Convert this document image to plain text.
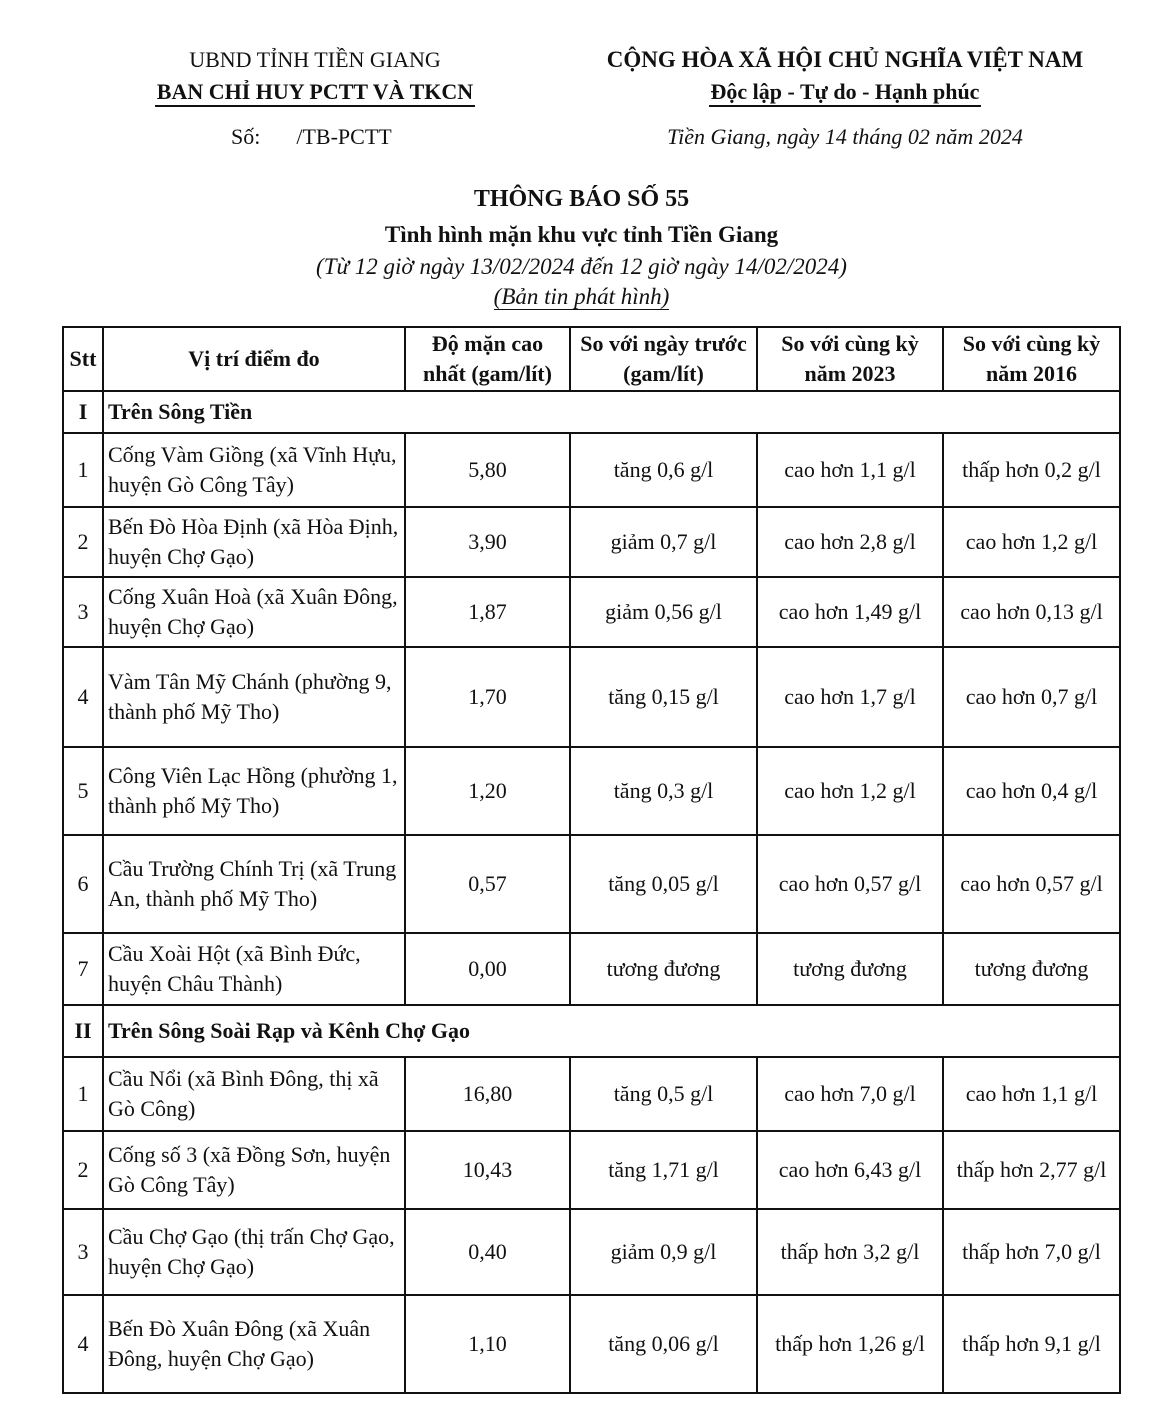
UBND TỈNH TIỀN GIANG
BAN CHỈ HUY PCTT VÀ TKCN
CỘNG HÒA XÃ HỘI CHỦ NGHĨA VIỆT NAM
Độc lập - Tự do - Hạnh phúc
Số: /TB-PCTT	Tiền Giang, ngày 14 tháng 02 năm 2024
THÔNG BÁO SỐ 55
Tình hình mặn khu vực tỉnh Tiền Giang
(Từ 12 giờ ngày 13/02/2024 đến 12 giờ ngày 14/02/2024)
(Bản tin phát hình)
Stt	Vị trí điểm đo	Độ mặn cao nhất (gam/lít)	So với ngày trước (gam/lít)	So với cùng kỳ năm 2023	So với cùng kỳ năm 2016
I	Trên Sông Tiền				
1	Cống Vàm Giồng (xã Vĩnh Hựu, huyện Gò Công Tây)	5,80	tăng 0,6 g/l	cao hơn 1,1 g/l	thấp hơn 0,2 g/l
2	Bến Đò Hòa Định (xã Hòa Định, huyện Chợ Gạo)	3,90	giảm 0,7 g/l	cao hơn 2,8 g/l	cao hơn 1,2 g/l
3	Cống Xuân Hoà (xã Xuân Đông, huyện Chợ Gạo)	1,87	giảm 0,56 g/l	cao hơn 1,49 g/l	cao hơn 0,13 g/l
4	Vàm Tân Mỹ Chánh (phường 9, thành phố Mỹ Tho)	1,70	tăng 0,15 g/l	cao hơn 1,7 g/l	cao hơn 0,7 g/l
5	Công Viên Lạc Hồng (phường 1, thành phố Mỹ Tho)	1,20	tăng 0,3 g/l	cao hơn 1,2 g/l	cao hơn 0,4 g/l
6	Cầu Trường Chính Trị (xã Trung An, thành phố Mỹ Tho)	0,57	tăng 0,05 g/l	cao hơn 0,57 g/l	cao hơn 0,57 g/l
7	Cầu Xoài Hột (xã Bình Đức, huyện Châu Thành)	0,00	tương đương	tương đương	tương đương
II	Trên Sông Soài Rạp và Kênh Chợ Gạo				
1	Cầu Nổi (xã Bình Đông, thị xã Gò Công)	16,80	tăng 0,5 g/l	cao hơn 7,0 g/l	cao hơn 1,1 g/l
2	Cống số 3 (xã Đồng Sơn, huyện Gò Công Tây)	10,43	tăng 1,71 g/l	cao hơn 6,43 g/l	thấp hơn 2,77 g/l
3	Cầu Chợ Gạo (thị trấn Chợ Gạo, huyện Chợ Gạo)	0,40	giảm 0,9 g/l	thấp hơn 3,2 g/l	thấp hơn 7,0 g/l
4	Bến Đò Xuân Đông (xã Xuân Đông, huyện Chợ Gạo)	1,10	tăng 0,06 g/l	thấp hơn 1,26 g/l	thấp hơn 9,1 g/l
